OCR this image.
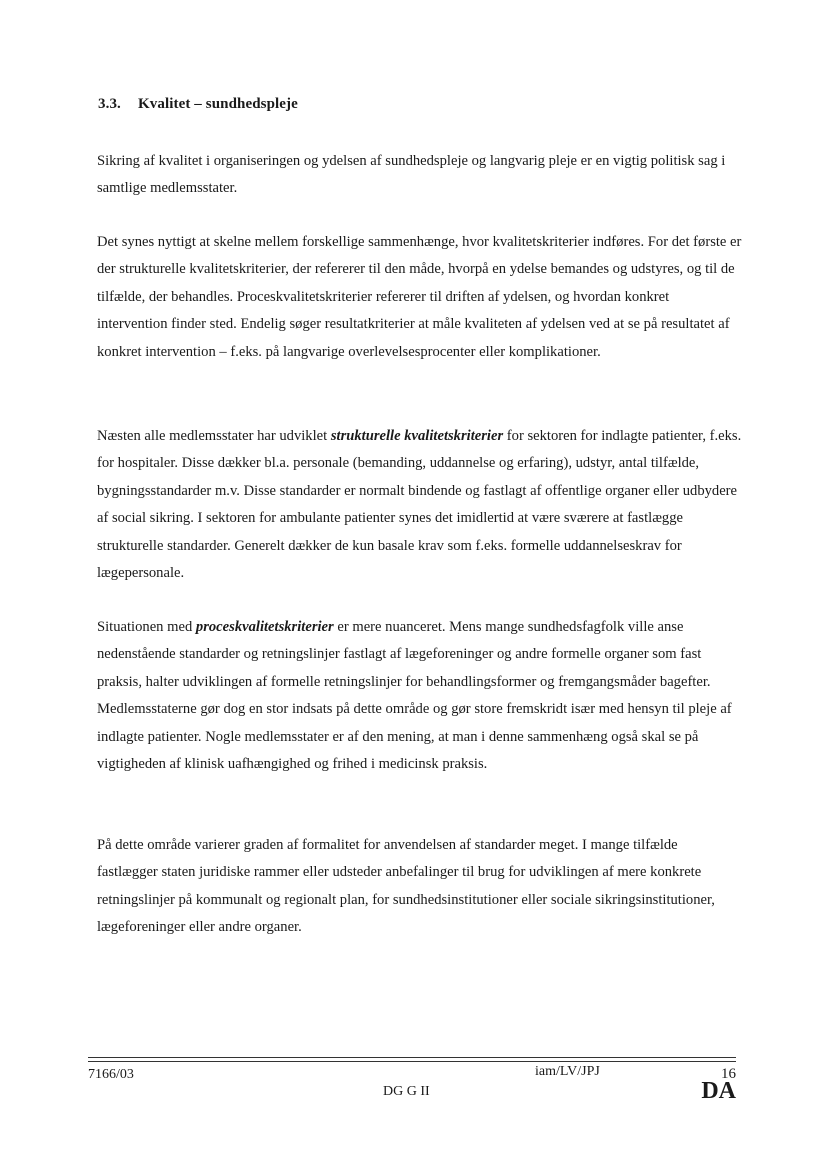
3.3. Kvalitet – sundhedspleje

Sikring af kvalitet i organiseringen og ydelsen af sundhedspleje og langvarig pleje er en vigtig politisk sag i samtlige medlemsstater.

Det synes nyttigt at skelne mellem forskellige sammenhænge, hvor kvalitetskriterier indføres. For det første er der strukturelle kvalitetskriterier, der refererer til den måde, hvorpå en ydelse bemandes og udstyres, og til de tilfælde, der behandles. Proceskvalitetskriterier refererer til driften af ydelsen, og hvordan konkret intervention finder sted. Endelig søger resultatkriterier at måle kvaliteten af ydelsen ved at se på resultatet af konkret intervention – f.eks. på langvarige overlevelsesprocenter eller komplikationer.

Næsten alle medlemsstater har udviklet strukturelle kvalitetskriterier for sektoren for indlagte patienter, f.eks. for hospitaler. Disse dækker bl.a. personale (bemanding, uddannelse og erfaring), udstyr, antal tilfælde, bygningsstandarder m.v. Disse standarder er normalt bindende og fastlagt af offentlige organer eller udbydere af social sikring. I sektoren for ambulante patienter synes det imidlertid at være sværere at fastlægge strukturelle standarder. Generelt dækker de kun basale krav som f.eks. formelle uddannelseskrav for lægepersonale.

Situationen med proceskvalitetskriterier er mere nuanceret. Mens mange sundhedsfagfolk ville anse nedenstående standarder og retningslinjer fastlagt af lægeforeninger og andre formelle organer som fast praksis, halter udviklingen af formelle retningslinjer for behandlingsformer og fremgangsmåder bagefter. Medlemsstaterne gør dog en stor indsats på dette område og gør store fremskridt især med hensyn til pleje af indlagte patienter. Nogle medlemsstater er af den mening, at man i denne sammenhæng også skal se på vigtigheden af klinisk uafhængighed og frihed i medicinsk praksis.

På dette område varierer graden af formalitet for anvendelsen af standarder meget. I mange tilfælde fastlægger staten juridiske rammer eller udsteder anbefalinger til brug for udviklingen af mere konkrete retningslinjer på kommunalt og regionalt plan, for sundhedsinstitutioner eller sociale sikringsinstitutioner, lægeforeninger eller andre organer.

7166/03
DG G II
iam/LV/JPJ	16
DA
